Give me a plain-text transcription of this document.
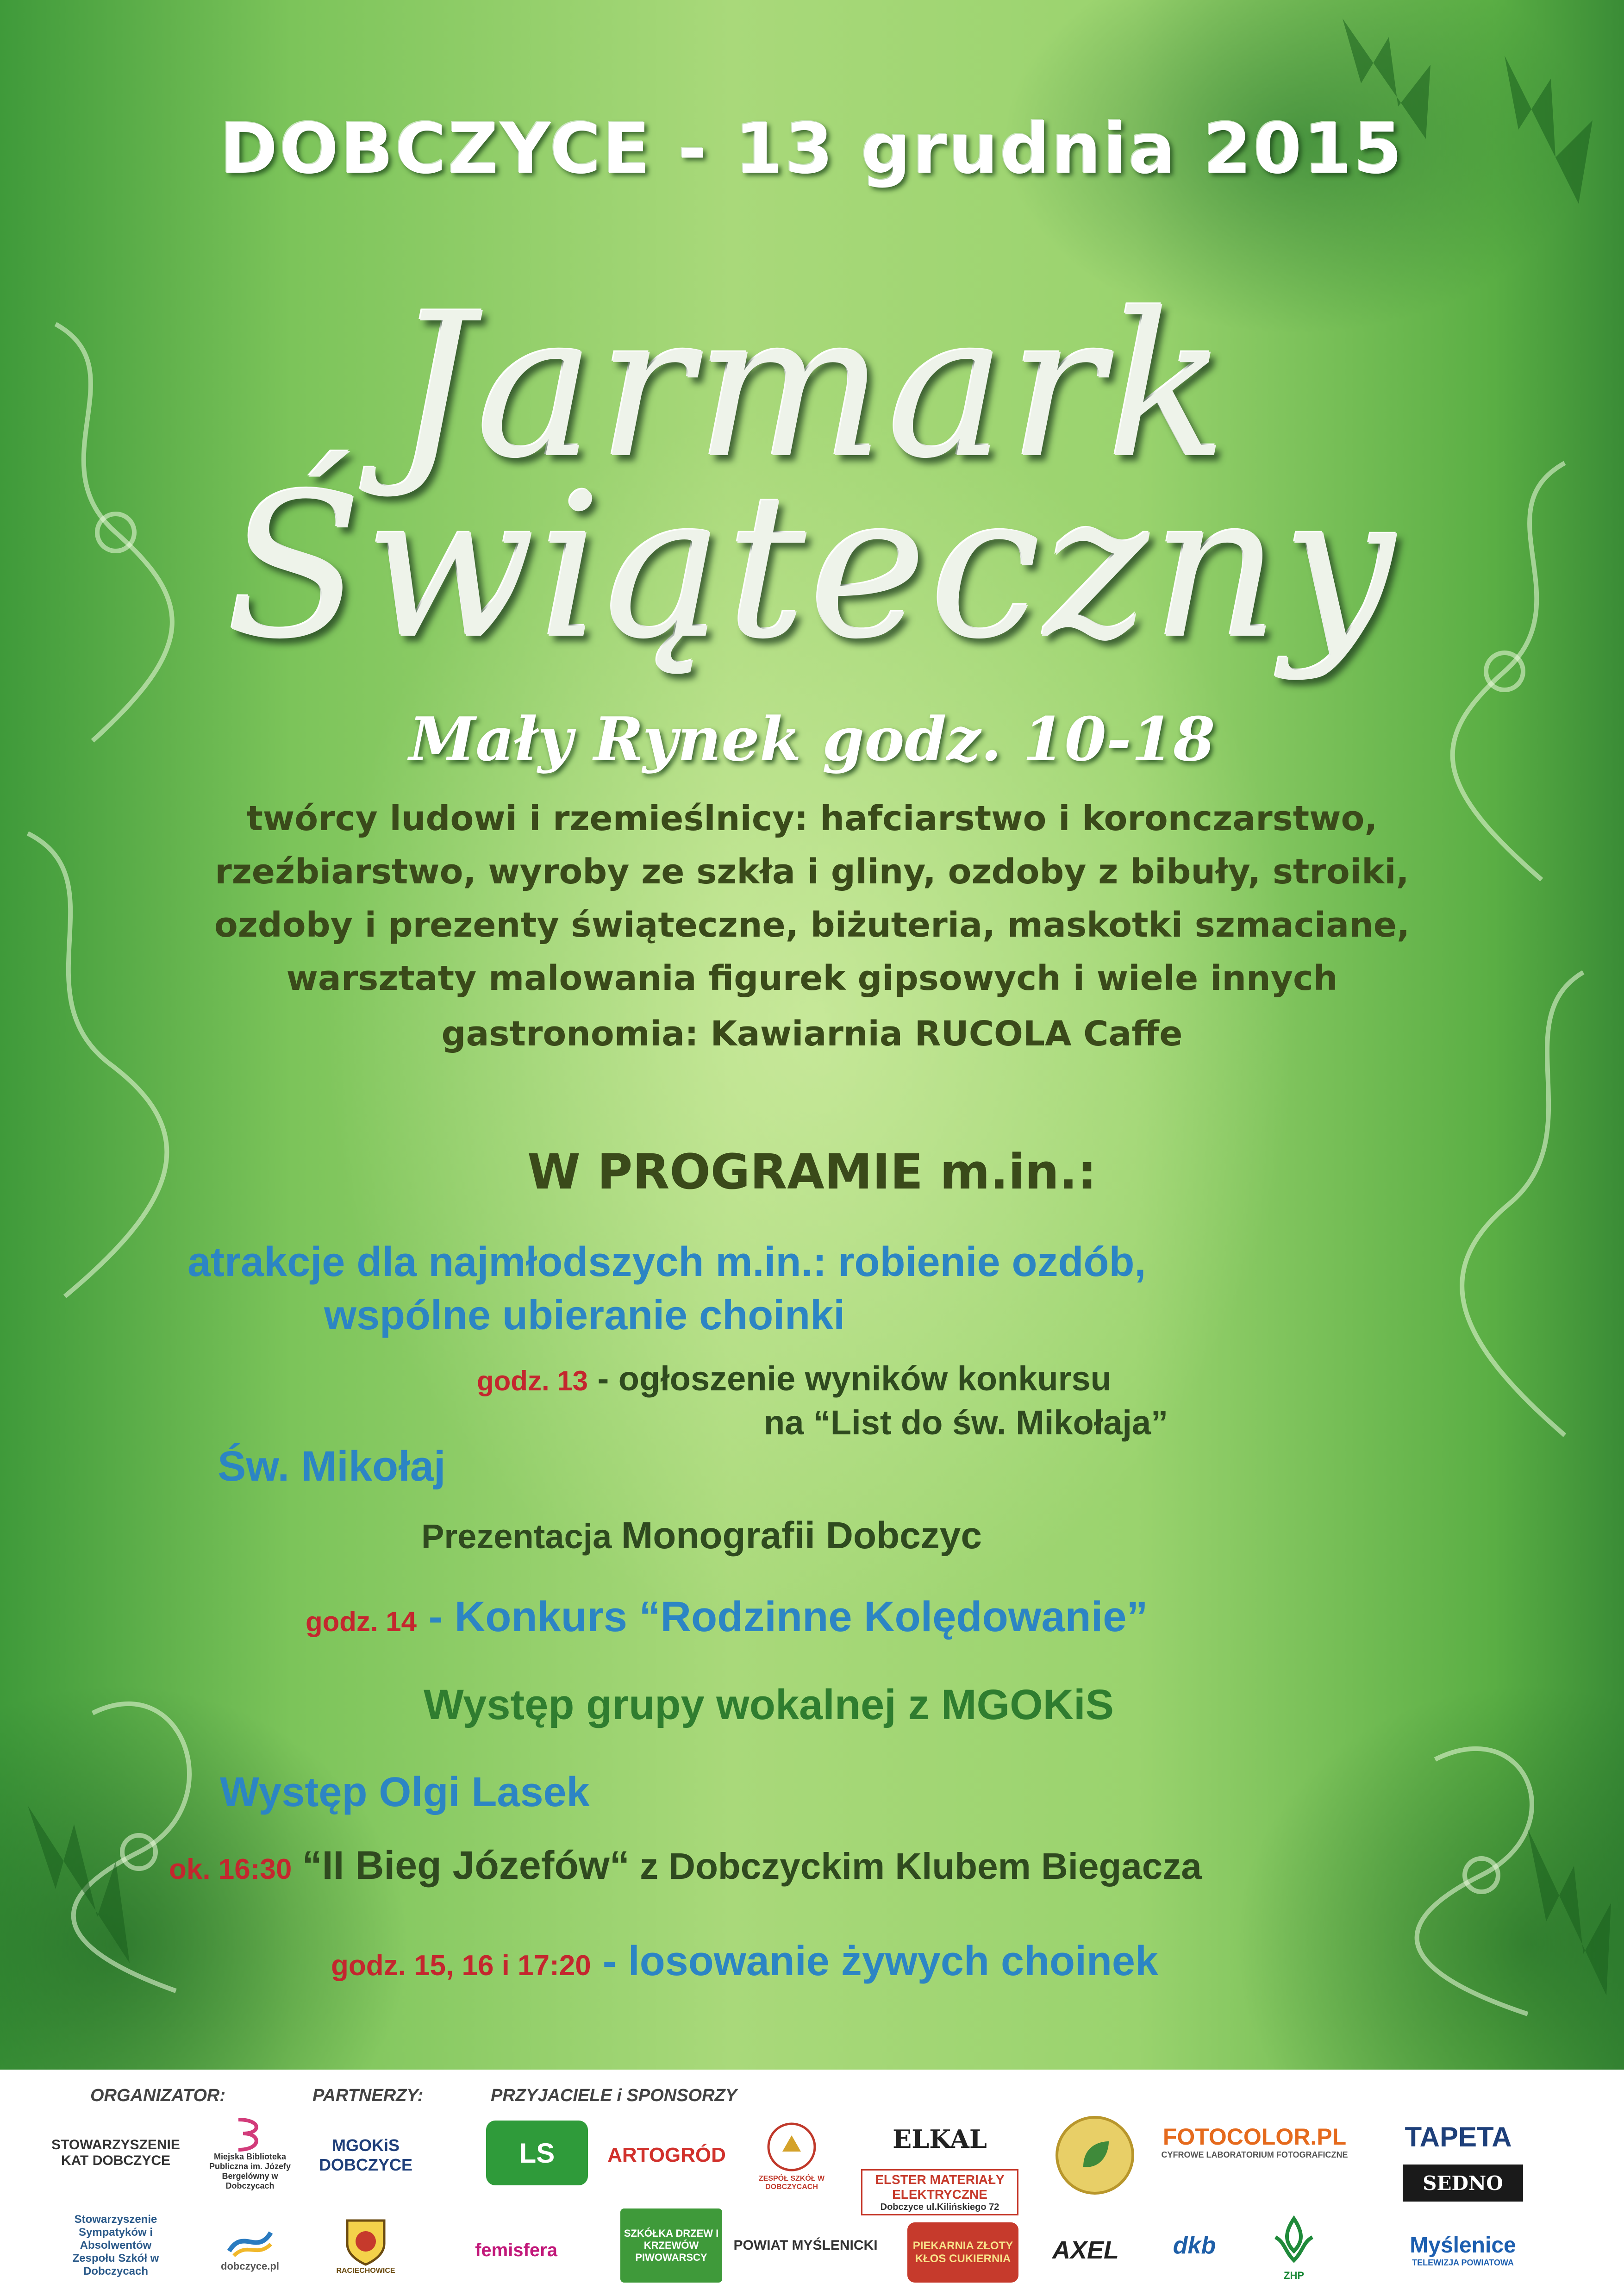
DOBCZYCE - 13 grudnia 2015

Jarmark

Świąteczny

Mały Rynek godz. 10-18

twórcy ludowi i rzemieślnicy: hafciarstwo i koronczarstwo,

rzeźbiarstwo, wyroby ze szkła i gliny, ozdoby z bibuły, stroiki,

ozdoby i prezenty świąteczne, biżuteria, maskotki szmaciane,

warsztaty malowania figurek gipsowych i wiele innych

gastronomia: Kawiarnia RUCOLA Caffe

W PROGRAMIE m.in.:

atrakcje dla najmłodszych m.in.: robienie ozdób,
wspólne ubieranie choinki
godz. 13 - ogłoszenie wyników konkursu
na “List do św. Mikołaja”
Św. Mikołaj
Prezentacja Monografii Dobczyc
godz. 14 - Konkurs “Rodzinne Kolędowanie”
Występ grupy wokalnej z MGOKiS
Występ Olgi Lasek
ok. 16:30 “II Bieg Józefów“ z Dobczyckim Klubem Biegacza
godz. 15, 16 i 17:20 - losowanie żywych choinek
ORGANIZATOR:	PARTNERZY:	PRZYJACIELE i SPONSORZY
STOWARZYSZENIE KAT DOBCZYCE
Stowarzyszenie Sympatyków i Absolwentów Zespołu Szkół w Dobczycach
Miejska Biblioteka Publiczna im. Józefy Bergelówny w Dobczycach
dobczyce.pl
MGOKiS DOBCZYCE
RACIECHOWICE
LS
femisfera
ARTOGRÓD
SZKÓŁKA DRZEW I KRZEWÓW PIWOWARSCY
ZESPÓŁ SZKÓŁ W DOBCZYCACH
POWIAT MYŚLENICKI
ELKAL
ELSTER MATERIAŁY ELEKTRYCZNE
Dobczyce ul.Kilińskiego 72
PIEKARNIA ZŁOTY KŁOS CUKIERNIA	AXEL
FOTOCOLOR.PL
CYFROWE LABORATORIUM FOTOGRAFICZNE
dkb
ZHP
TAPETA
SEDNO
Myślenice
TELEWIZJA POWIATOWA
